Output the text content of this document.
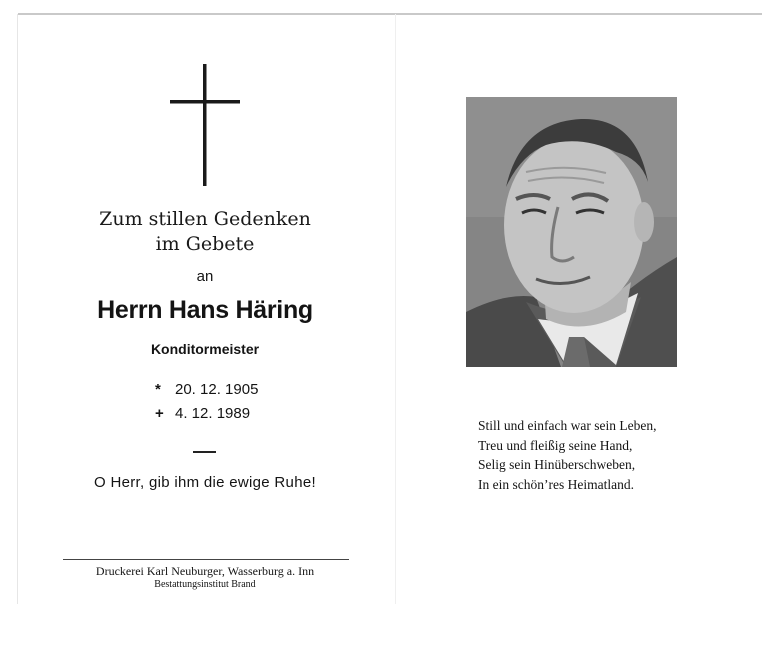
Zum stillen Gedenken
im Gebete
an
Herrn Hans Häring
Konditormeister
* 20. 12. 1905
+ 4. 12. 1989
O Herr, gib ihm die ewige Ruhe!
Druckerei Karl Neuburger, Wasserburg a. Inn
Bestattungsinstitut Brand
Still und einfach war sein Leben,
Treu und fleißig seine Hand,
Selig sein Hinüberschweben,
In ein schön’res Heimatland.
